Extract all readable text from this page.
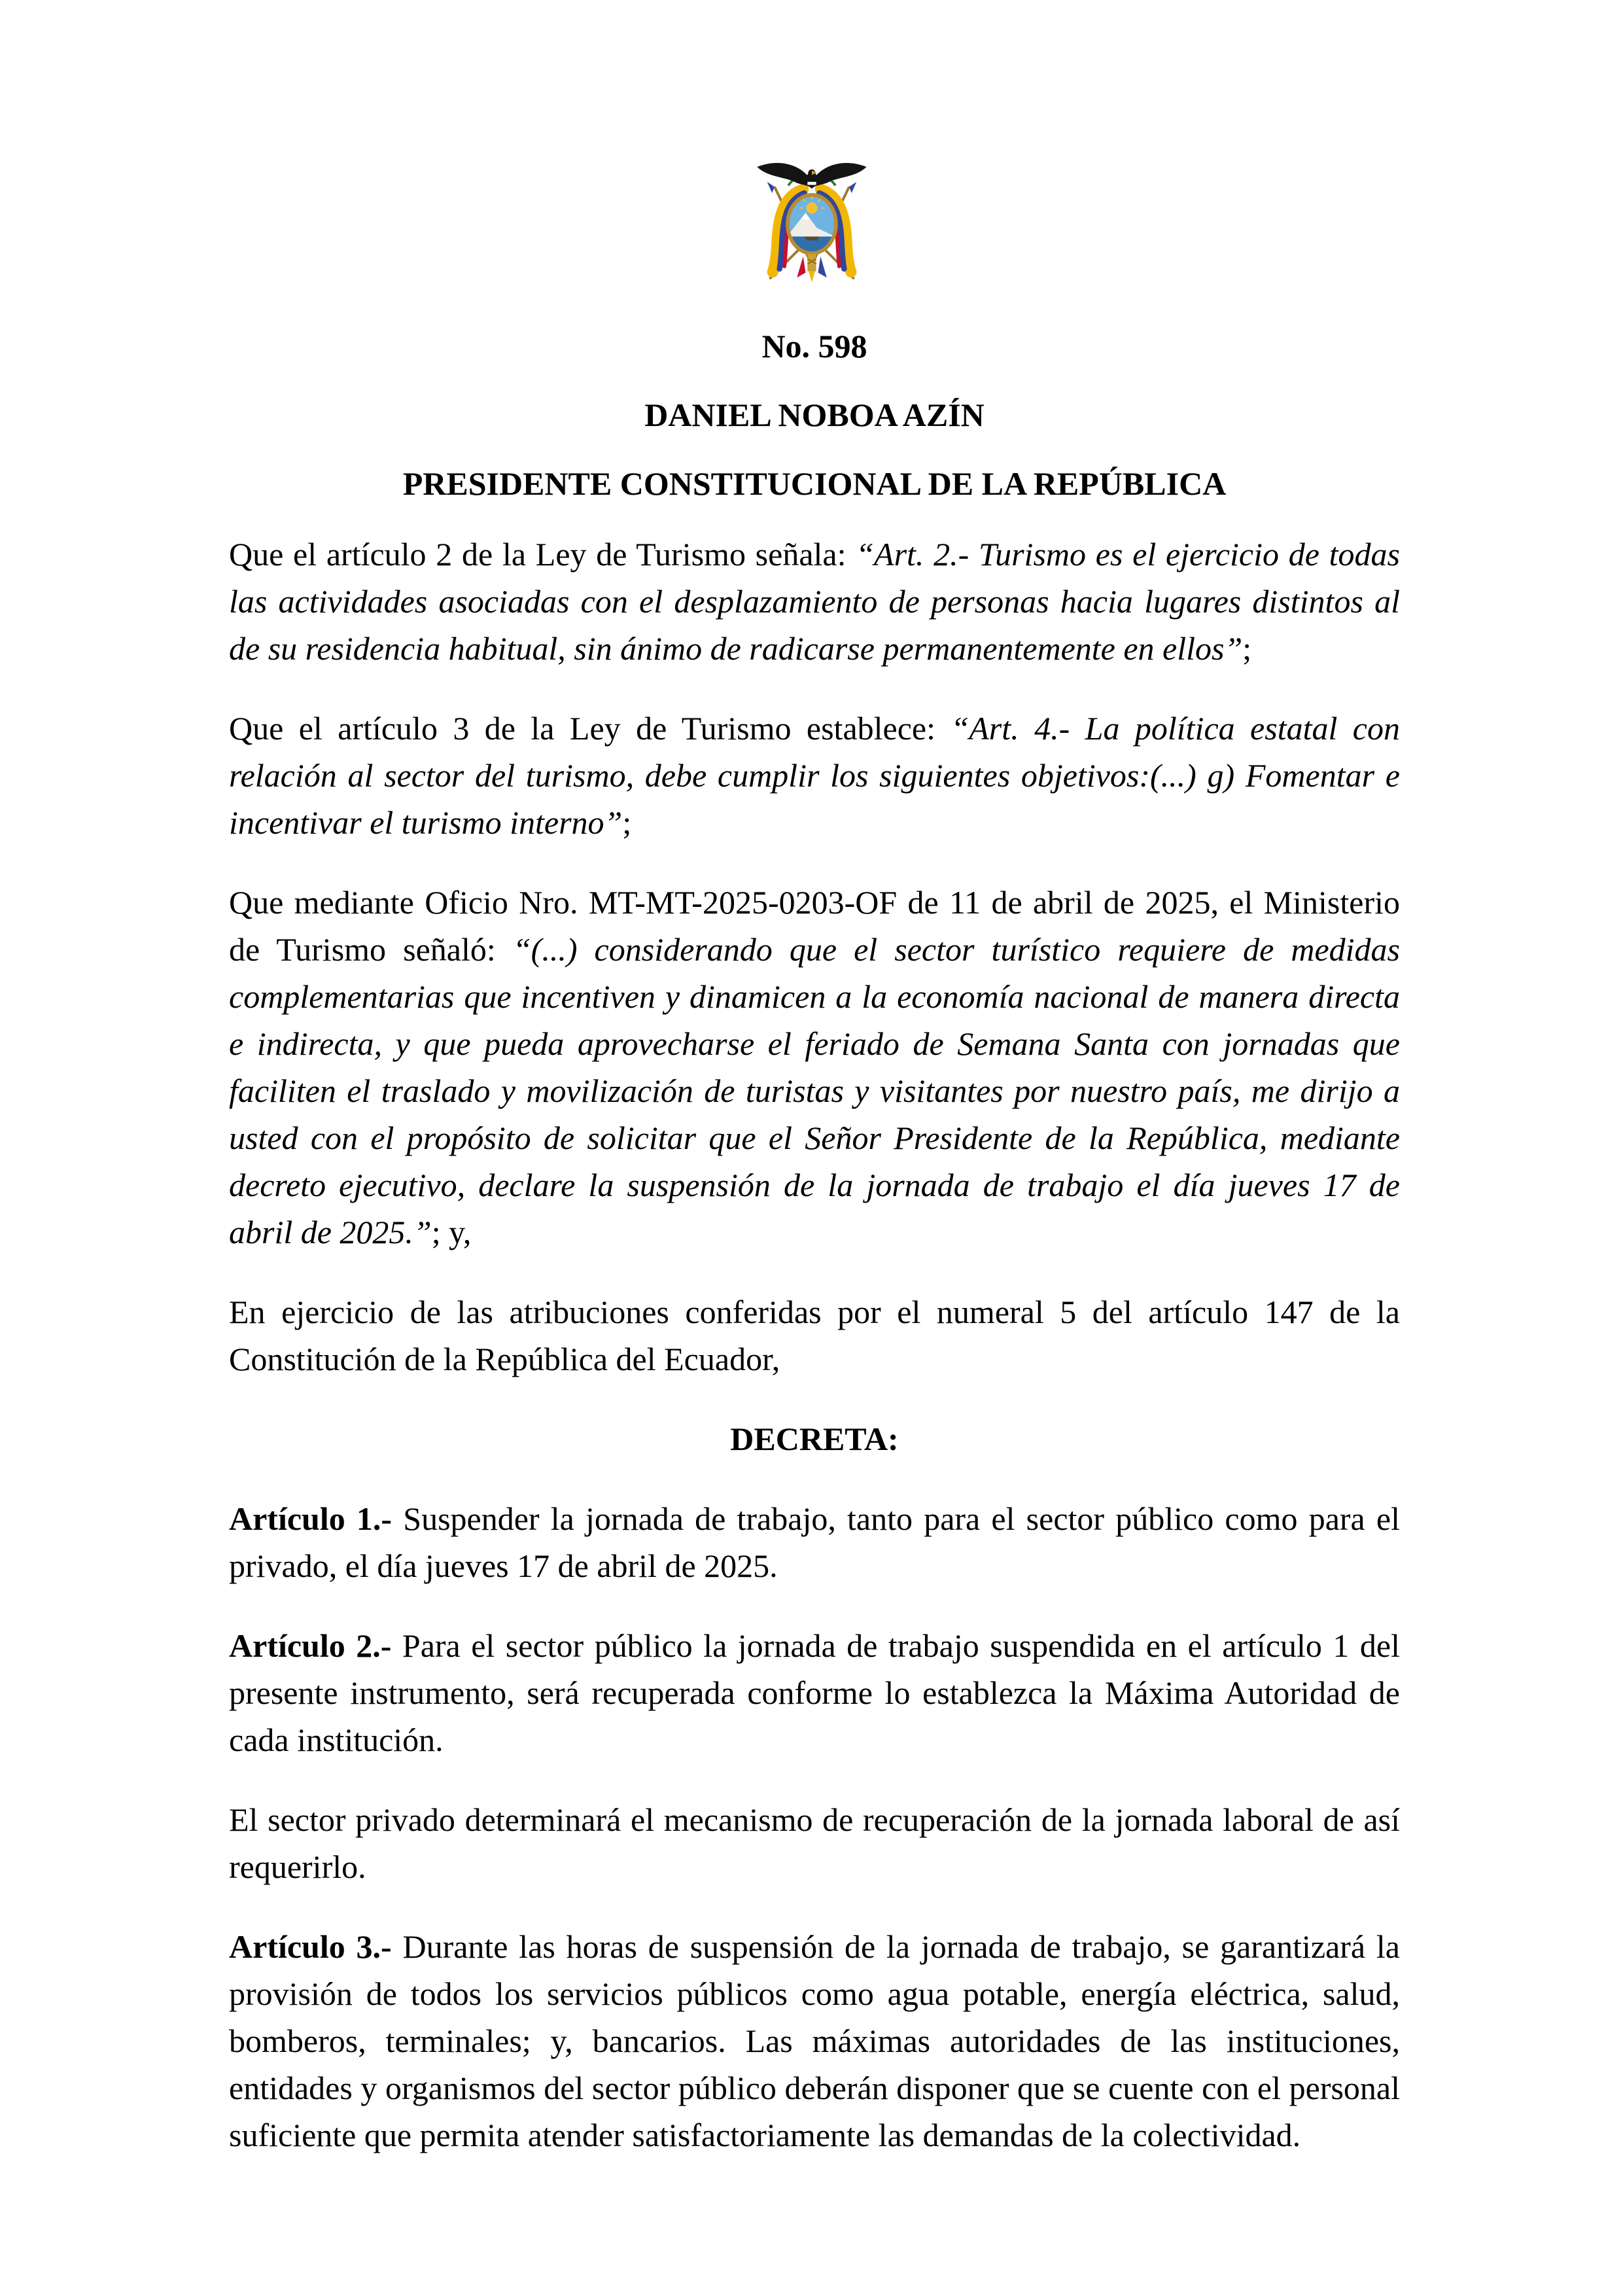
No. 598
DANIEL NOBOA AZÍN
PRESIDENTE CONSTITUCIONAL DE LA REPÚBLICA

Que el artículo 2 de la Ley de Turismo señala: “Art. 2.- Turismo es el ejercicio de todas las actividades asociadas con el desplazamiento de personas hacia lugares distintos al de su residencia habitual, sin ánimo de radicarse permanentemente en ellos”;

Que el artículo 3 de la Ley de Turismo establece: “Art. 4.- La política estatal con relación al sector del turismo, debe cumplir los siguientes objetivos:(...) g) Fomentar e incentivar el turismo interno”;

Que mediante Oficio Nro. MT-MT-2025-0203-OF de 11 de abril de 2025, el Ministerio de Turismo señaló: “(...) considerando que el sector turístico requiere de medidas complementarias que incentiven y dinamicen a la economía nacional de manera directa e indirecta, y que pueda aprovecharse el feriado de Semana Santa con jornadas que faciliten el traslado y movilización de turistas y visitantes por nuestro país, me dirijo a usted con el propósito de solicitar que el Señor Presidente de la República, mediante decreto ejecutivo, declare la suspensión de la jornada de trabajo el día jueves 17 de abril de 2025.”; y,

En ejercicio de las atribuciones conferidas por el numeral 5 del artículo 147 de la Constitución de la República del Ecuador,

DECRETA:

Artículo 1.- Suspender la jornada de trabajo, tanto para el sector público como para el privado, el día jueves 17 de abril de 2025.

Artículo 2.- Para el sector público la jornada de trabajo suspendida en el artículo 1 del presente instrumento, será recuperada conforme lo establezca la Máxima Autoridad de cada institución.

El sector privado determinará el mecanismo de recuperación de la jornada laboral de así requerirlo.

Artículo 3.- Durante las horas de suspensión de la jornada de trabajo, se garantizará la provisión de todos los servicios públicos como agua potable, energía eléctrica, salud, bomberos, terminales; y, bancarios. Las máximas autoridades de las instituciones, entidades y organismos del sector público deberán disponer que se cuente con el personal suficiente que permita atender satisfactoriamente las demandas de la colectividad.
